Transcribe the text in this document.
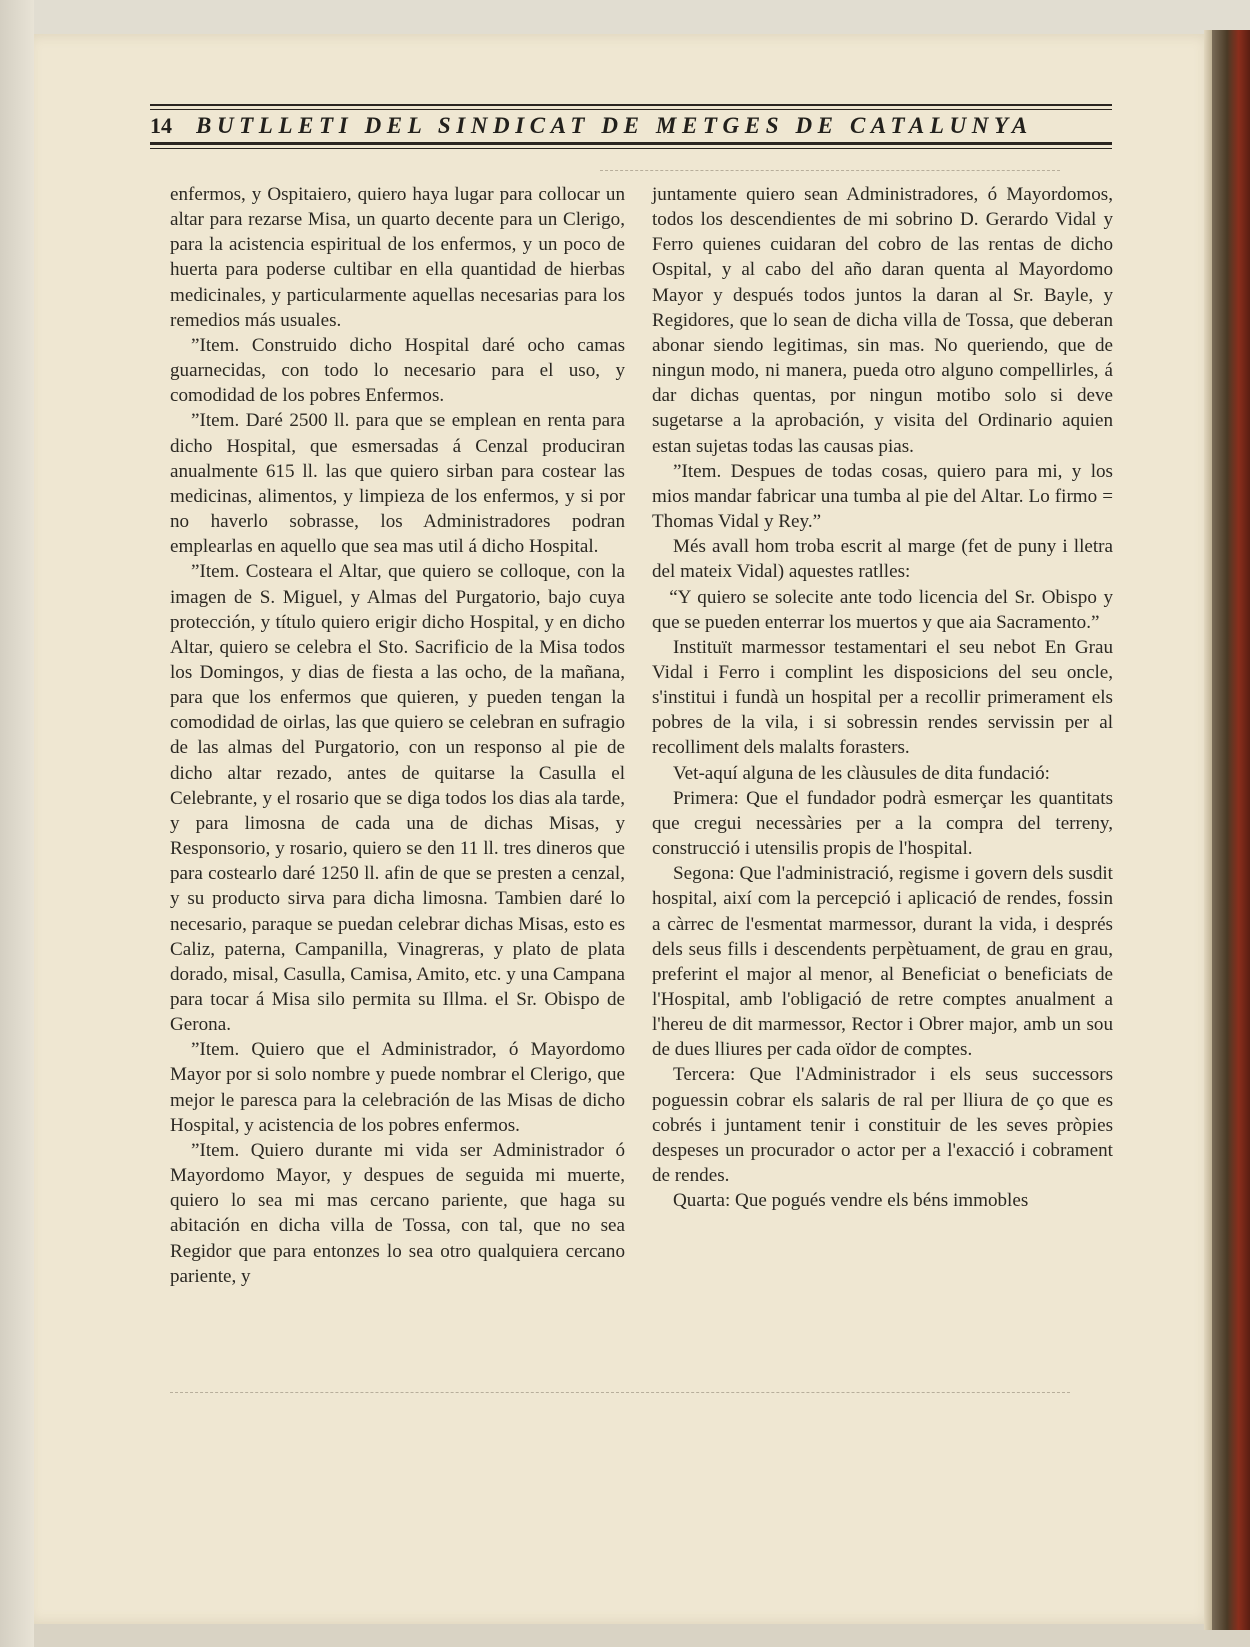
14	BUTLLETI DEL SINDICAT DE METGES DE CATALUNYA

enfermos, y Ospitaiero, quiero haya lugar para collocar un altar para rezarse Misa, un quarto decente para un Clerigo, para la acistencia espiritual de los enfermos, y un poco de huerta para poderse cultibar en ella quantidad de hierbas medicinales, y particularmente aquellas necesarias para los remedios más usuales.

”Item. Construido dicho Hospital daré ocho camas guarnecidas, con todo lo necesario para el uso, y comodidad de los pobres Enfermos.

”Item. Daré 2500 ll. para que se emplean en renta para dicho Hospital, que esmersadas á Cenzal produciran anualmente 615 ll. las que quiero sirban para costear las medicinas, alimentos, y limpieza de los enfermos, y si por no haverlo sobrasse, los Administradores podran emplearlas en aquello que sea mas util á dicho Hospital.

”Item. Costeara el Altar, que quiero se colloque, con la imagen de S. Miguel, y Almas del Purgatorio, bajo cuya protección, y título quiero erigir dicho Hospital, y en dicho Altar, quiero se celebra el Sto. Sacrificio de la Misa todos los Domingos, y dias de fiesta a las ocho, de la mañana, para que los enfermos que quieren, y pueden tengan la comodidad de oirlas, las que quiero se celebran en sufragio de las almas del Purgatorio, con un responso al pie de dicho altar rezado, antes de quitarse la Casulla el Celebrante, y el rosario que se diga todos los dias ala tarde, y para limosna de cada una de dichas Misas, y Responsorio, y rosario, quiero se den 11 ll. tres dineros que para costearlo daré 1250 ll. afin de que se presten a cenzal, y su producto sirva para dicha limosna. Tambien daré lo necesario, paraque se puedan celebrar dichas Misas, esto es Caliz, paterna, Campanilla, Vinagreras, y plato de plata dorado, misal, Casulla, Camisa, Amito, etc. y una Campana para tocar á Misa silo permita su Illma. el Sr. Obispo de Gerona.

”Item. Quiero que el Administrador, ó Mayordomo Mayor por si solo nombre y puede nombrar el Clerigo, que mejor le paresca para la celebración de las Misas de dicho Hospital, y acistencia de los pobres enfermos.

”Item. Quiero durante mi vida ser Administrador ó Mayordomo Mayor, y despues de seguida mi muerte, quiero lo sea mi mas cercano pariente, que haga su abitación en dicha villa de Tossa, con tal, que no sea Regidor que para entonzes lo sea otro qualquiera cercano pariente, y

juntamente quiero sean Administradores, ó Mayordomos, todos los descendientes de mi sobrino D. Gerardo Vidal y Ferro quienes cuidaran del cobro de las rentas de dicho Ospital, y al cabo del año daran quenta al Mayordomo Mayor y después todos juntos la daran al Sr. Bayle, y Regidores, que lo sean de dicha villa de Tossa, que deberan abonar siendo legitimas, sin mas. No queriendo, que de ningun modo, ni manera, pueda otro alguno compellirles, á dar dichas quentas, por ningun motibo solo si deve sugetarse a la aprobación, y visita del Ordinario aquien estan sujetas todas las causas pias.

”Item. Despues de todas cosas, quiero para mi, y los mios mandar fabricar una tumba al pie del Altar. Lo firmo = Thomas Vidal y Rey.”

Més avall hom troba escrit al marge (fet de puny i lletra del mateix Vidal) aquestes ratlles:

“Y quiero se solecite ante todo licencia del Sr. Obispo y que se pueden enterrar los muertos y que aia Sacramento.”

Instituït marmessor testamentari el seu nebot En Grau Vidal i Ferro i complint les disposicions del seu oncle, s'institui i fundà un hospital per a recollir primerament els pobres de la vila, i si sobressin rendes servissin per al recolliment dels malalts forasters.

Vet-aquí alguna de les clàusules de dita fundació:

Primera: Que el fundador podrà esmerçar les quantitats que cregui necessàries per a la compra del terreny, construcció i utensilis propis de l'hospital.

Segona: Que l'administració, regisme i govern dels susdit hospital, així com la percepció i aplicació de rendes, fossin a càrrec de l'esmentat marmessor, durant la vida, i després dels seus fills i descendents perpètuament, de grau en grau, preferint el major al menor, al Beneficiat o beneficiats de l'Hospital, amb l'obligació de retre comptes anualment a l'hereu de dit marmessor, Rector i Obrer major, amb un sou de dues lliures per cada oïdor de comptes.

Tercera: Que l'Administrador i els seus successors poguessin cobrar els salaris de ral per lliura de ço que es cobrés i juntament tenir i constituir de les seves pròpies despeses un procurador o actor per a l'exacció i cobrament de rendes.

Quarta: Que pogués vendre els béns immobles
